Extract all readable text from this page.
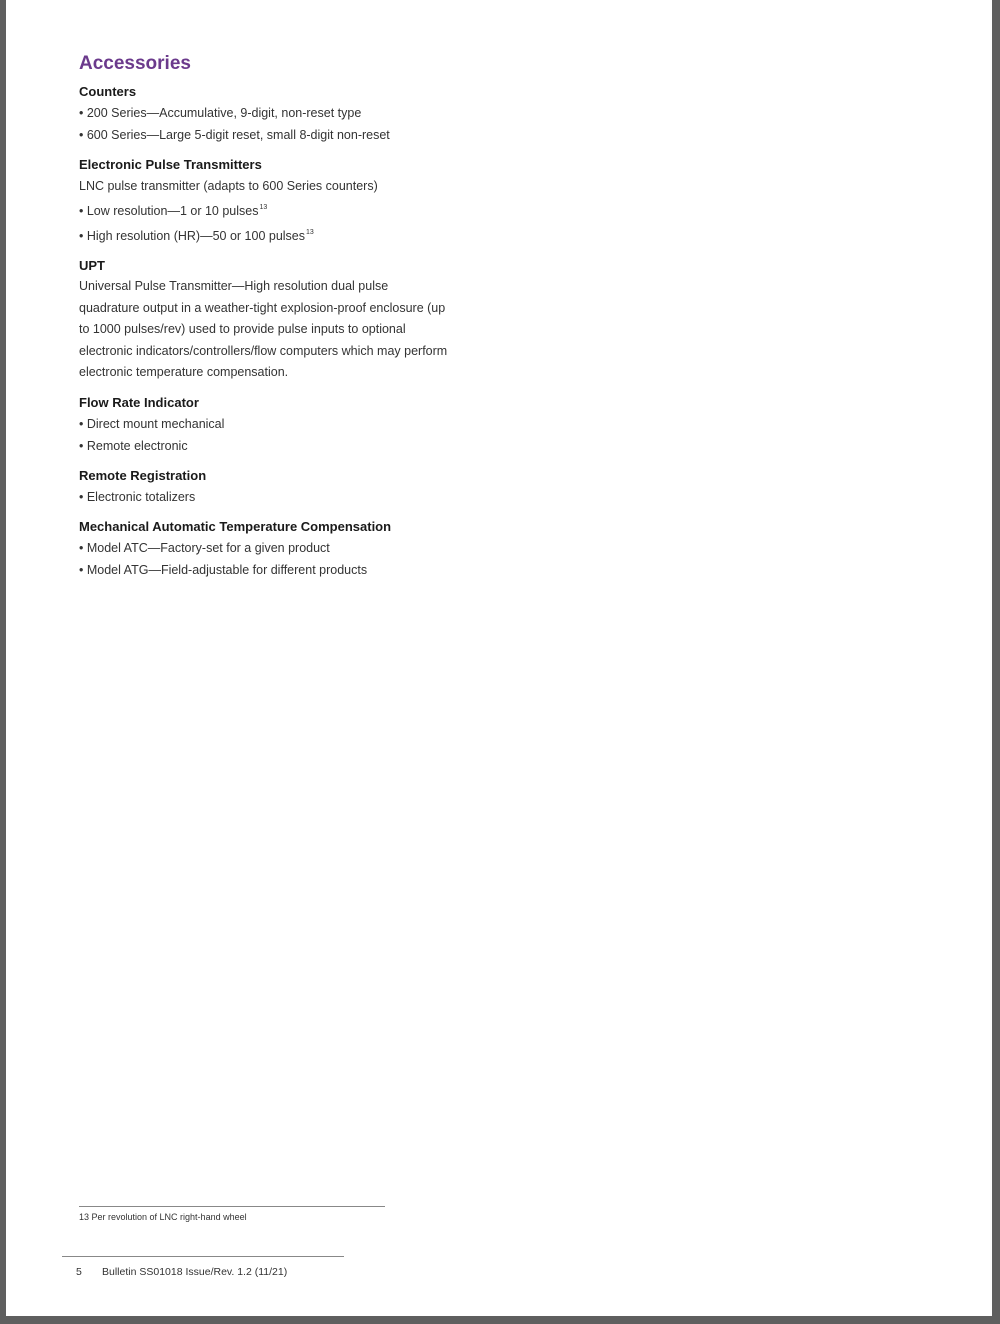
Accessories

Counters

• 200 Series—Accumulative, 9-digit, non-reset type

• 600 Series—Large 5-digit reset, small 8-digit non-reset

Electronic Pulse Transmitters

LNC pulse transmitter (adapts to 600 Series counters)

• Low resolution—1 or 10 pulses$^{13}$

• High resolution (HR)—50 or 100 pulses$^{13}$

UPT

Universal Pulse Transmitter—High resolution dual pulse quadrature output in a weather-tight explosion-proof enclosure (up to 1000 pulses/rev) used to provide pulse inputs to optional electronic indicators/controllers/flow computers which may perform electronic temperature compensation.

Flow Rate Indicator

• Direct mount mechanical

• Remote electronic

Remote Registration

• Electronic totalizers

Mechanical Automatic Temperature Compensation

• Model ATC—Factory-set for a given product

• Model ATG—Field-adjustable for different products

13 Per revolution of LNC right-hand wheel
5 Bulletin SS01018 Issue/Rev. 1.2 (11/21)
